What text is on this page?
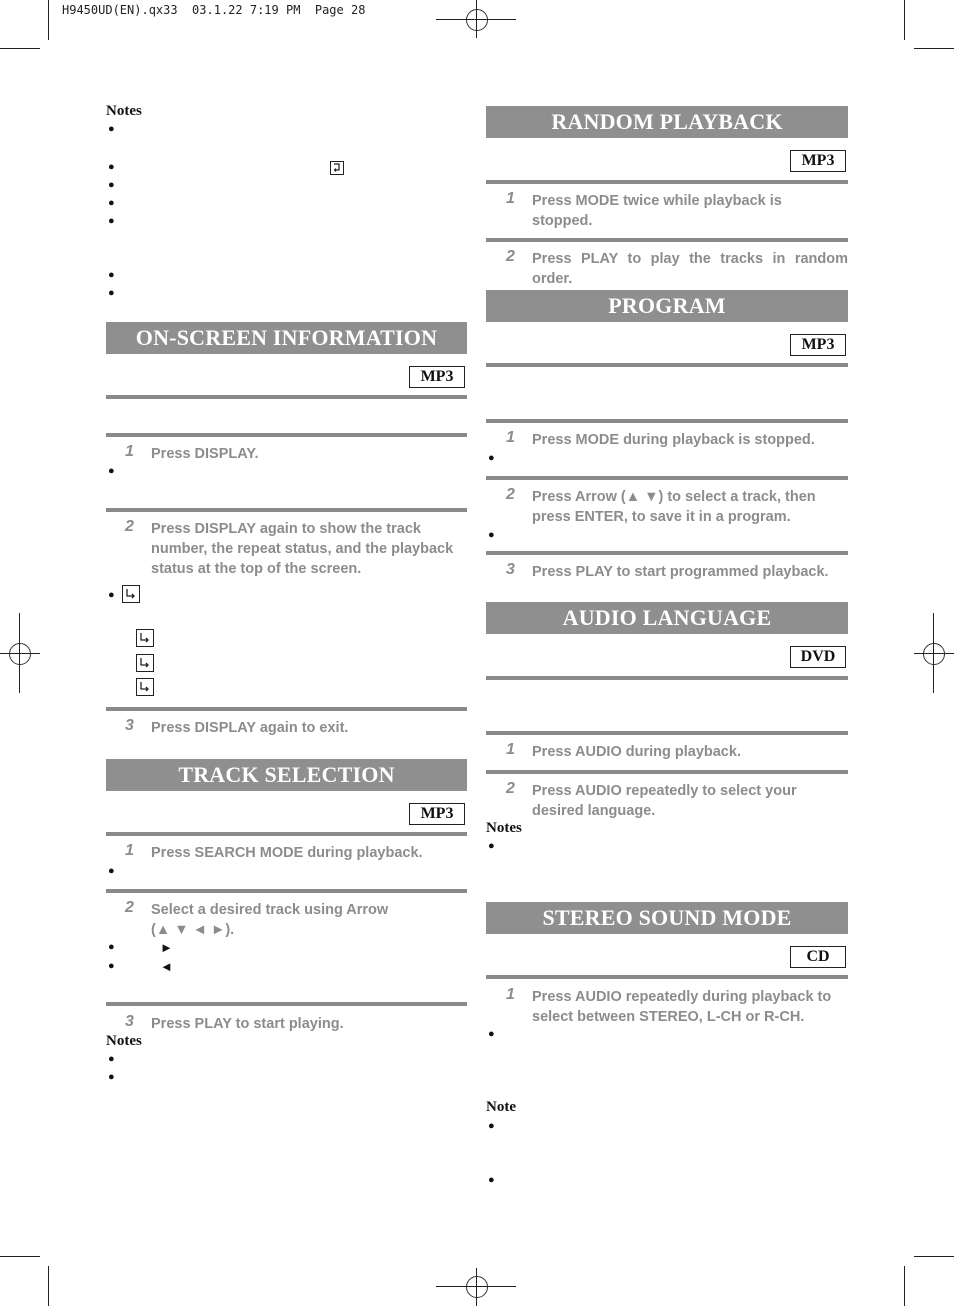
H9450UD(EN).qx33  03.1.22 7:19 PM  Page 28
Notes
●
●
●
●
●
●
●
ON-SCREEN INFORMATION
MP3
1 Press DISPLAY.
●
2 Press DISPLAY again to show the track number, the repeat status, and the playback status at the top of the screen.
●
3 Press DISPLAY again to exit.
TRACK SELECTION
MP3
1 Press SEARCH MODE during playback.
●
2 Select a desired track using Arrow (▲ ▼ ◄ ►).
●	►
●	◄
3 Press PLAY to start playing.
Notes
●
●
RANDOM PLAYBACK
MP3
1 Press MODE twice while playback is stopped.
2 Press PLAY to play the tracks in random order.
PROGRAM
MP3
1 Press MODE during playback is stopped.
●
2 Press Arrow (▲ ▼) to select a track, then press ENTER, to save it in a program.
●
3 Press PLAY to start programmed playback.
AUDIO LANGUAGE
DVD
1 Press AUDIO during playback.
2 Press AUDIO repeatedly to select your desired language.
Notes
●
STEREO SOUND MODE
CD
1 Press AUDIO repeatedly during playback to select between STEREO, L-CH or R-CH.
●
Note
●
●
